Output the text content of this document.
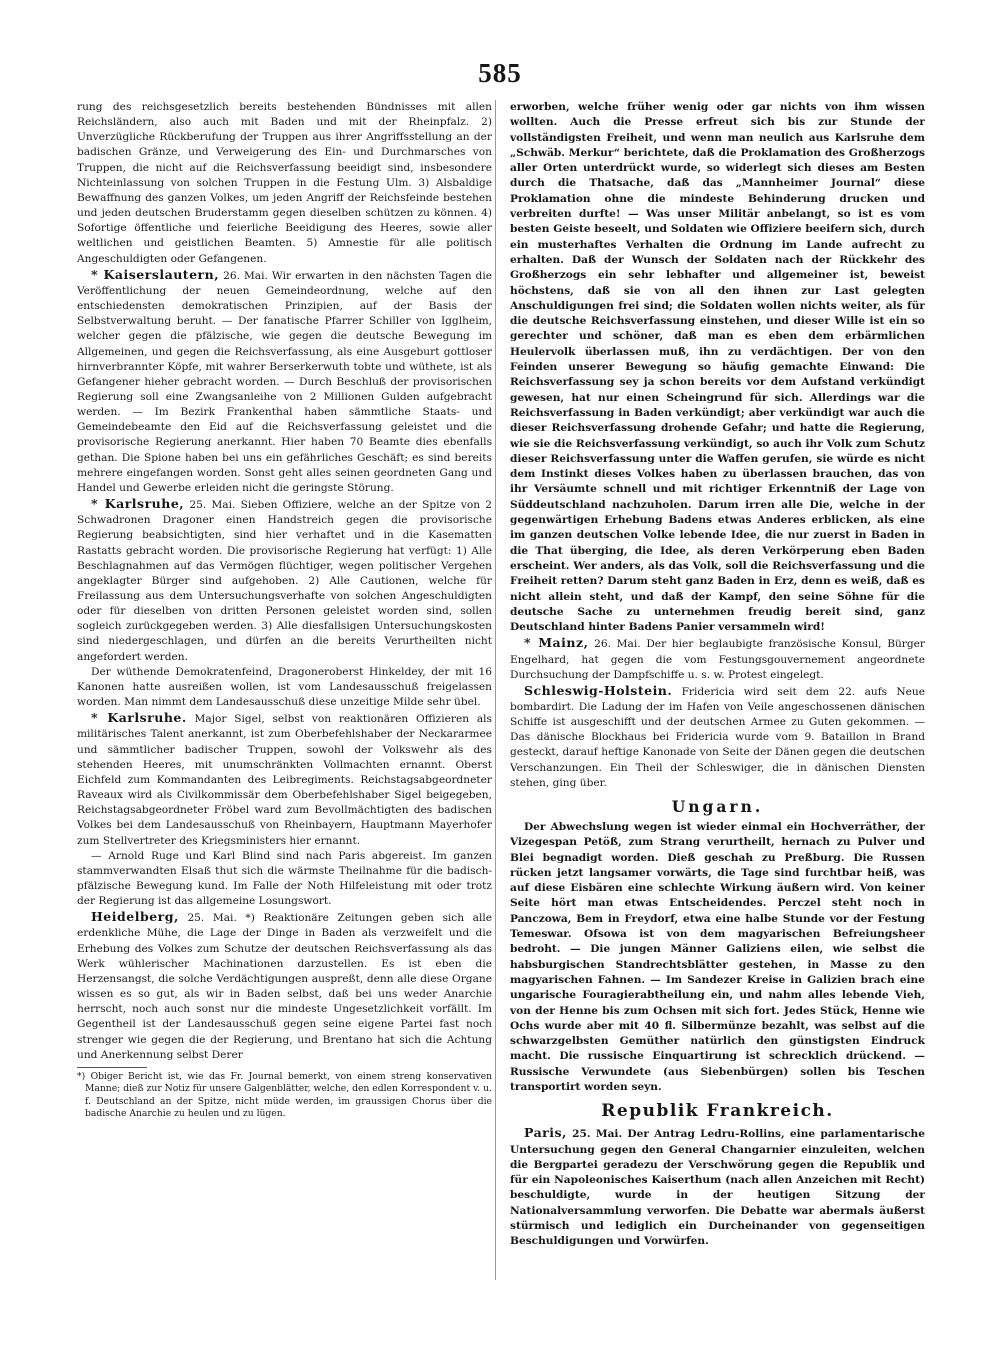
585

rung des reichsgesetzlich bereits bestehenden Bündnisses mit allen Reichsländern, also auch mit Baden und mit der Rheinpfalz. 2) Unverzügliche Rückberufung der Truppen aus ihrer Angriffsstellung an der badischen Gränze, und Verweigerung des Ein- und Durchmarsches von Truppen, die nicht auf die Reichsverfassung beeidigt sind, insbesondere Nichteinlassung von solchen Truppen in die Festung Ulm. 3) Alsbaldige Bewaffnung des ganzen Volkes, um jeden Angriff der Reichsfeinde bestehen und jeden deutschen Bruderstamm gegen dieselben schützen zu können. 4) Sofortige öffentliche und feierliche Beeidigung des Heeres, sowie aller weltlichen und geistlichen Beamten. 5) Amnestie für alle politisch Angeschuldigten oder Gefangenen.

* Kaiserslautern, 26. Mai. Wir erwarten in den nächsten Tagen die Veröffentlichung der neuen Gemeindeordnung, welche auf den entschiedensten demokratischen Prinzipien, auf der Basis der Selbstverwaltung beruht. — Der fanatische Pfarrer Schiller von Igglheim, welcher gegen die pfälzische, wie gegen die deutsche Bewegung im Allgemeinen, und gegen die Reichsverfassung, als eine Ausgeburt gottloser hirnverbrannter Köpfe, mit wahrer Berserkerwuth tobte und wüthete, ist als Gefangener hieher gebracht worden. — Durch Beschluß der provisorischen Regierung soll eine Zwangsanleihe von 2 Millionen Gulden aufgebracht werden. — Im Bezirk Frankenthal haben sämmtliche Staats- und Gemeindebeamte den Eid auf die Reichsverfassung geleistet und die provisorische Regierung anerkannt. Hier haben 70 Beamte dies ebenfalls gethan. Die Spione haben bei uns ein gefährliches Geschäft; es sind bereits mehrere eingefangen worden. Sonst geht alles seinen geordneten Gang und Handel und Gewerbe erleiden nicht die geringste Störung.

* Karlsruhe, 25. Mai. Sieben Offiziere, welche an der Spitze von 2 Schwadronen Dragoner einen Handstreich gegen die provisorische Regierung beabsichtigten, sind hier verhaftet und in die Kasematten Rastatts gebracht worden. Die provisorische Regierung hat verfügt: 1) Alle Beschlagnahmen auf das Vermögen flüchtiger, wegen politischer Vergehen angeklagter Bürger sind aufgehoben. 2) Alle Cautionen, welche für Freilassung aus dem Untersuchungsverhafte von solchen Angeschuldigten oder für dieselben von dritten Personen geleistet worden sind, sollen sogleich zurückgegeben werden. 3) Alle diesfallsigen Untersuchungskosten sind niedergeschlagen, und dürfen an die bereits Verurtheilten nicht angefordert werden.

Der wüthende Demokratenfeind, Dragoneroberst Hinkeldey, der mit 16 Kanonen hatte ausreißen wollen, ist vom Landesausschuß freigelassen worden. Man nimmt dem Landesausschuß diese unzeitige Milde sehr übel.

* Karlsruhe. Major Sigel, selbst von reaktionären Offizieren als militärisches Talent anerkannt, ist zum Oberbefehlshaber der Neckararmee und sämmtlicher badischer Truppen, sowohl der Volkswehr als des stehenden Heeres, mit unumschränkten Vollmachten ernannt. Oberst Eichfeld zum Kommandanten des Leibregiments. Reichstagsabgeordneter Raveaux wird als Civilkommissär dem Oberbefehlshaber Sigel beigegeben, Reichstagsabgeordneter Fröbel ward zum Bevollmächtigten des badischen Volkes bei dem Landesausschuß von Rheinbayern, Hauptmann Mayerhofer zum Stellvertreter des Kriegsministers hier ernannt.

— Arnold Ruge und Karl Blind sind nach Paris abgereist. Im ganzen stammverwandten Elsaß thut sich die wärmste Theilnahme für die badisch-pfälzische Bewegung kund. Im Falle der Noth Hilfeleistung mit oder trotz der Regierung ist das allgemeine Losungswort.

Heidelberg, 25. Mai. *) Reaktionäre Zeitungen geben sich alle erdenkliche Mühe, die Lage der Dinge in Baden als verzweifelt und die Erhebung des Volkes zum Schutze der deutschen Reichsverfassung als das Werk wühlerischer Machinationen darzustellen. Es ist eben die Herzensangst, die solche Verdächtigungen auspreßt, denn alle diese Organe wissen es so gut, als wir in Baden selbst, daß bei uns weder Anarchie herrscht, noch auch sonst nur die mindeste Ungesetzlichkeit vorfällt. Im Gegentheil ist der Landesausschuß gegen seine eigene Partei fast noch strenger wie gegen die der Regierung, und Brentano hat sich die Achtung und Anerkennung selbst Derer

*) Obiger Bericht ist, wie das Fr. Journal bemerkt, von einem streng konservativen Manne; dieß zur Notiz für unsere Galgenblätter, welche, den edlen Korrespondent v. u. f. Deutschland an der Spitze, nicht müde werden, im graussigen Chorus über die badische Anarchie zu heulen und zu lügen.

erworben, welche früher wenig oder gar nichts von ihm wissen wollten. Auch die Presse erfreut sich bis zur Stunde der vollständigsten Freiheit, und wenn man neulich aus Karlsruhe dem „Schwäb. Merkur“ berichtete, daß die Proklamation des Großherzogs aller Orten unterdrückt wurde, so widerlegt sich dieses am Besten durch die Thatsache, daß das „Mannheimer Journal“ diese Proklamation ohne die mindeste Behinderung drucken und verbreiten durfte! — Was unser Militär anbelangt, so ist es vom besten Geiste beseelt, und Soldaten wie Offiziere beeifern sich, durch ein musterhaftes Verhalten die Ordnung im Lande aufrecht zu erhalten. Daß der Wunsch der Soldaten nach der Rückkehr des Großherzogs ein sehr lebhafter und allgemeiner ist, beweist höchstens, daß sie von all den ihnen zur Last gelegten Anschuldigungen frei sind; die Soldaten wollen nichts weiter, als für die deutsche Reichsverfassung einstehen, und dieser Wille ist ein so gerechter und schöner, daß man es eben dem erbärmlichen Heulervolk überlassen muß, ihn zu verdächtigen. Der von den Feinden unserer Bewegung so häufig gemachte Einwand: Die Reichsverfassung sey ja schon bereits vor dem Aufstand verkündigt gewesen, hat nur einen Scheingrund für sich. Allerdings war die Reichsverfassung in Baden verkündigt; aber verkündigt war auch die dieser Reichsverfassung drohende Gefahr; und hatte die Regierung, wie sie die Reichsverfassung verkündigt, so auch ihr Volk zum Schutz dieser Reichsverfassung unter die Waffen gerufen, sie würde es nicht dem Instinkt dieses Volkes haben zu überlassen brauchen, das von ihr Versäumte schnell und mit richtiger Erkenntniß der Lage von Süddeutschland nachzuholen. Darum irren alle Die, welche in der gegenwärtigen Erhebung Badens etwas Anderes erblicken, als eine im ganzen deutschen Volke lebende Idee, die nur zuerst in Baden in die That überging, die Idee, als deren Verkörperung eben Baden erscheint. Wer anders, als das Volk, soll die Reichsverfassung und die Freiheit retten? Darum steht ganz Baden in Erz, denn es weiß, daß es nicht allein steht, und daß der Kampf, den seine Söhne für die deutsche Sache zu unternehmen freudig bereit sind, ganz Deutschland hinter Badens Panier versammeln wird!

* Mainz, 26. Mai. Der hier beglaubigte französische Konsul, Bürger Engelhard, hat gegen die vom Festungsgouvernement angeordnete Durchsuchung der Dampfschiffe u. s. w. Protest eingelegt.

Schleswig-Holstein. Fridericia wird seit dem 22. aufs Neue bombardirt. Die Ladung der im Hafen von Veile angeschossenen dänischen Schiffe ist ausgeschifft und der deutschen Armee zu Guten gekommen. — Das dänische Blockhaus bei Fridericia wurde vom 9. Bataillon in Brand gesteckt, darauf heftige Kanonade von Seite der Dänen gegen die deutschen Verschanzungen. Ein Theil der Schleswiger, die in dänischen Diensten stehen, ging über.

Ungarn.

Der Abwechslung wegen ist wieder einmal ein Hochverräther, der Vizegespan Petöß, zum Strang verurtheilt, hernach zu Pulver und Blei begnadigt worden. Dieß geschah zu Preßburg. Die Russen rücken jetzt langsamer vorwärts, die Tage sind furchtbar heiß, was auf diese Eisbären eine schlechte Wirkung äußern wird. Von keiner Seite hört man etwas Entscheidendes. Perczel steht noch in Panczowa, Bem in Freydorf, etwa eine halbe Stunde vor der Festung Temeswar. Ofsowa ist von dem magyarischen Befreiungsheer bedroht. — Die jungen Männer Galiziens eilen, wie selbst die habsburgischen Standrechtsblätter gestehen, in Masse zu den magyarischen Fahnen. — Im Sandezer Kreise in Galizien brach eine ungarische Fouragierabtheilung ein, und nahm alles lebende Vieh, von der Henne bis zum Ochsen mit sich fort. Jedes Stück, Henne wie Ochs wurde aber mit 40 fl. Silbermünze bezahlt, was selbst auf die schwarzgelbsten Gemüther natürlich den günstigsten Eindruck macht. Die russische Einquartirung ist schrecklich drückend. — Russische Verwundete (aus Siebenbürgen) sollen bis Teschen transportirt worden seyn.

Republik Frankreich.

Paris, 25. Mai. Der Antrag Ledru-Rollins, eine parlamentarische Untersuchung gegen den General Changarnier einzuleiten, welchen die Bergpartei geradezu der Verschwörung gegen die Republik und für ein Napoleonisches Kaiserthum (nach allen Anzeichen mit Recht) beschuldigte, wurde in der heutigen Sitzung der Nationalversammlung verworfen. Die Debatte war abermals äußerst stürmisch und lediglich ein Durcheinander von gegenseitigen Beschuldigungen und Vorwürfen.
